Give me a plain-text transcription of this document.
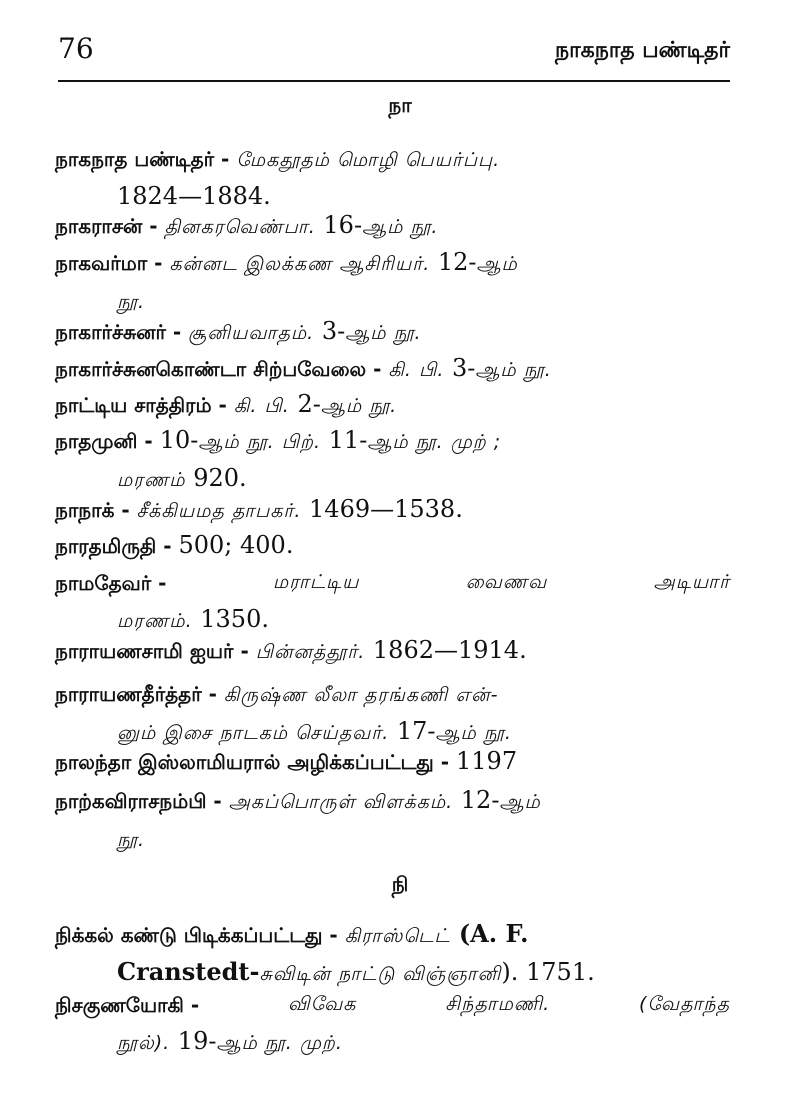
76	நாகநாத பண்டிதர்
நா
நாகநாத பண்டிதர் - மேகதூதம் மொழி பெயர்ப்பு.
1824—1884.
நாகராசன் - தினகரவெண்பா. 16-ஆம் நூ.
நாகவர்மா - கன்னட இலக்கண ஆசிரியர். 12-ஆம்
நூ.
நாகார்ச்சுனர் - சூனியவாதம். 3-ஆம் நூ.
நாகார்ச்சுனகொண்டா சிற்பவேலை - கி. பி. 3-ஆம் நூ.
நாட்டிய சாத்திரம் - கி. பி. 2-ஆம் நூ.
நாதமுனி - 10-ஆம் நூ. பிற். 11-ஆம் நூ. முற் ;
மரணம் 920.
நாநாக் - சீக்கியமத தாபகர். 1469—1538.
நாரதமிருதி - 500; 400.
நாமதேவர் -	மராட்டிய	வைணவ	அடியார்
மரணம். 1350.
நாராயணசாமி ஐயர் - பின்னத்தூர். 1862—1914.
நாராயணதீர்த்தர் - கிருஷ்ண லீலா தரங்கணி என்-
னும் இசை நாடகம் செய்தவர். 17-ஆம் நூ.
நாலந்தா இஸ்லாமியரால் அழிக்கப்பட்டது - 1197
நாற்கவிராசநம்பி - அகப்பொருள் விளக்கம். 12-ஆம்
நூ.
நி
நிக்கல் கண்டு பிடிக்கப்பட்டது - கிராஸ்டெட் (A. F.
Cranstedt-சுவிடின் நாட்டு விஞ்ஞானி). 1751.
நிசகுணயோகி -	விவேக	சிந்தாமணி.	(வேதாந்த
நூல்). 19-ஆம் நூ. முற்.
